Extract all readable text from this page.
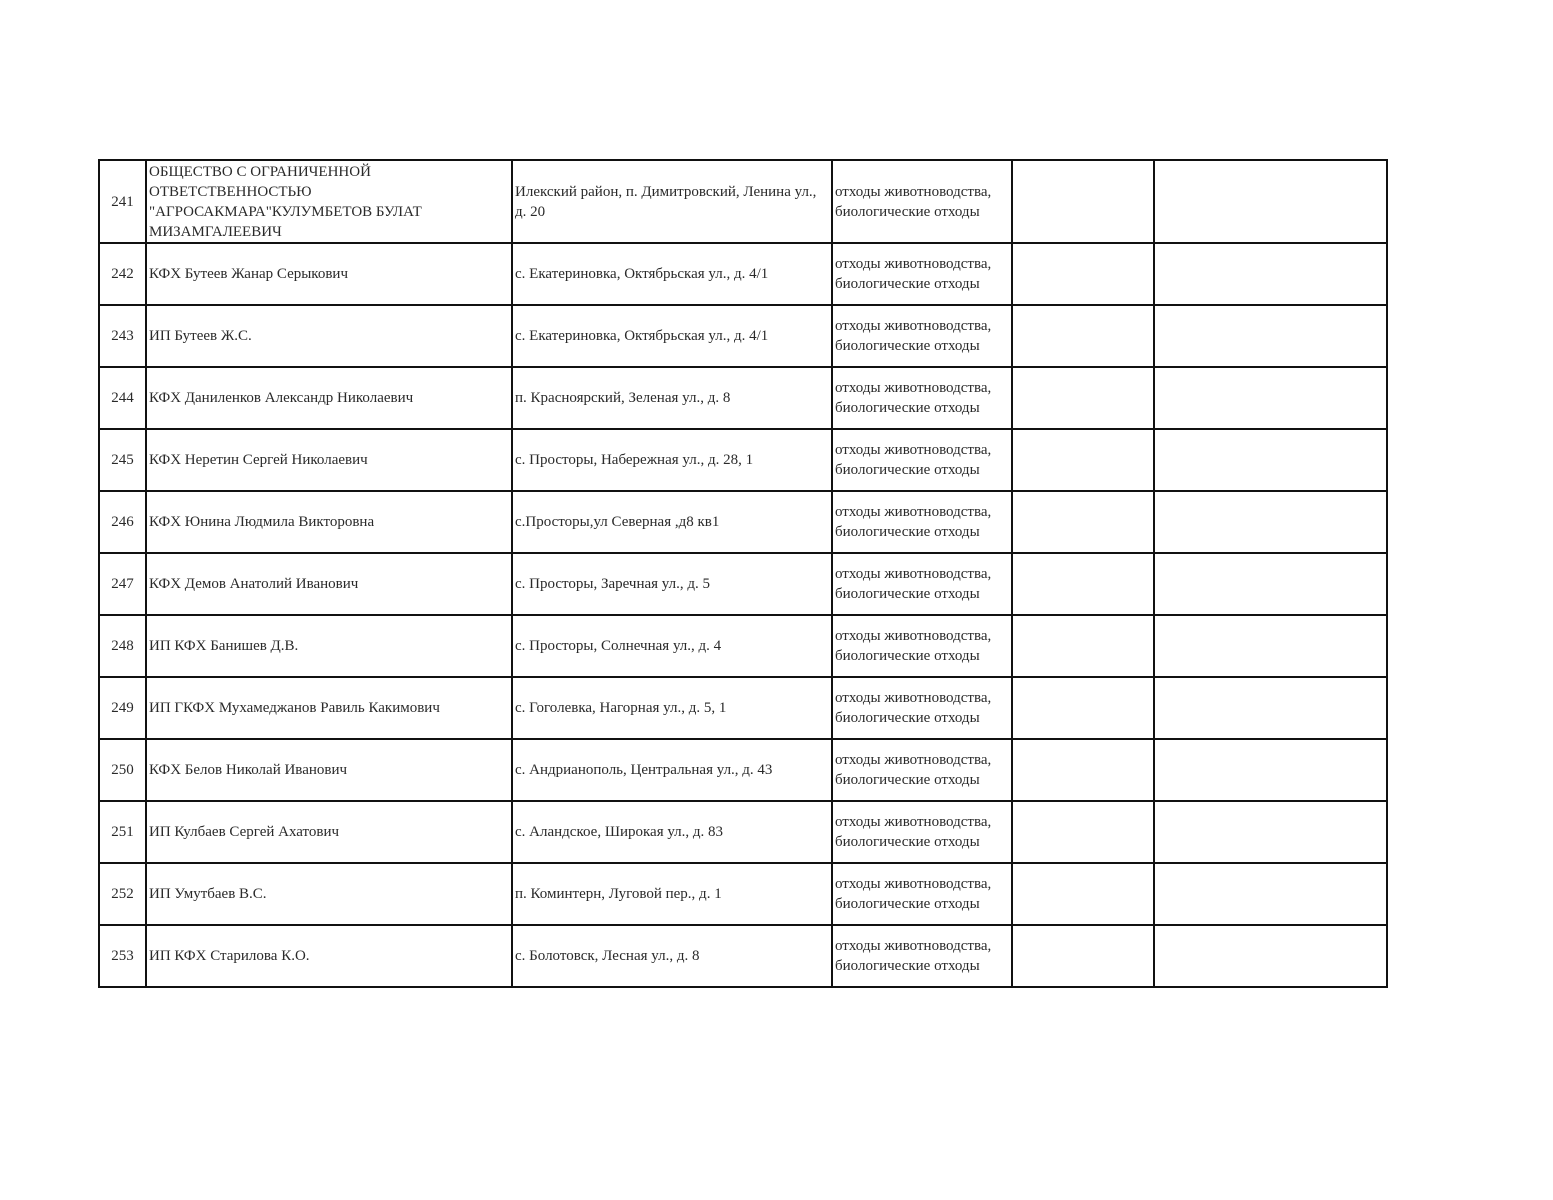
241	ОБЩЕСТВО С ОГРАНИЧЕННОЙ ОТВЕТСТВЕННОСТЬЮ "АГРОСАКМАРА"КУЛУМБЕТОВ БУЛАТ МИЗАМГАЛЕЕВИЧ	Илекский район, п. Димитровский, Ленина ул., д. 20	отходы животноводства,
биологические отходы		

242	КФХ Бутеев Жанар Серыкович	с. Екатериновка, Октябрьская ул., д. 4/1	отходы животноводства,
биологические отходы		

243	ИП Бутеев Ж.С.	с. Екатериновка, Октябрьская ул., д. 4/1	отходы животноводства,
биологические отходы		

244	КФХ Даниленков Александр Николаевич	п. Красноярский, Зеленая ул., д. 8	отходы животноводства,
биологические отходы		

245	КФХ Неретин Сергей Николаевич	с. Просторы, Набережная ул., д. 28, 1	отходы животноводства,
биологические отходы		

246	КФХ Юнина Людмила Викторовна	с.Просторы,ул Северная ,д8 кв1	отходы животноводства,
биологические отходы		

247	КФХ Демов Анатолий Иванович	с. Просторы, Заречная ул., д. 5	отходы животноводства,
биологические отходы		

248	ИП КФХ Банишев Д.В.	с. Просторы, Солнечная ул., д. 4	отходы животноводства,
биологические отходы		

249	ИП ГКФХ Мухамеджанов Равиль Какимович	с. Гоголевка, Нагорная ул., д. 5, 1	отходы животноводства,
биологические отходы		

250	КФХ Белов Николай Иванович	с. Андрианополь, Центральная ул., д. 43	отходы животноводства,
биологические отходы		

251	ИП Кулбаев Сергей Ахатович	с. Аландское, Широкая ул., д. 83	отходы животноводства,
биологические отходы		

252	ИП Умутбаев В.С.	п. Коминтерн, Луговой пер., д. 1	отходы животноводства,
биологические отходы		

253	ИП КФХ Старилова К.О.	с. Болотовск, Лесная ул., д. 8	отходы животноводства,
биологические отходы		
